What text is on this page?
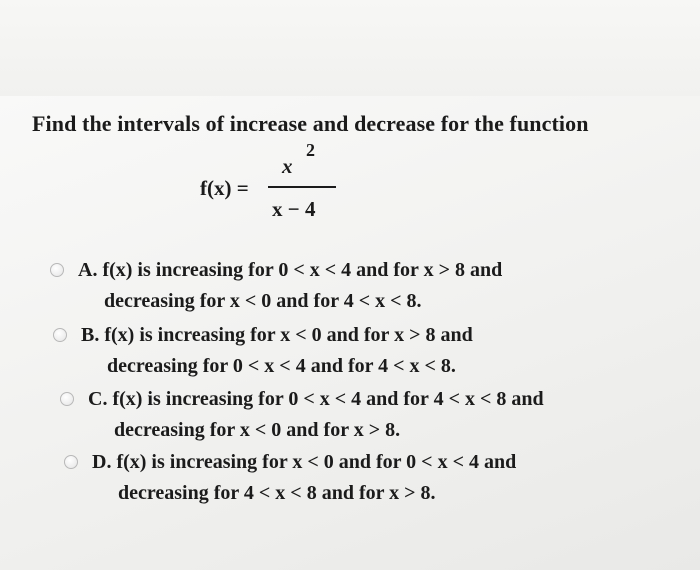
Find the intervals of increase and decrease for the function
f(x) =
x
2
x − 4
A. f(x) is increasing for 0 < x < 4 and for x > 8 and
decreasing for x < 0 and for 4 < x < 8.
B. f(x) is increasing for x < 0 and for x > 8 and
decreasing for 0 < x < 4 and for 4 < x < 8.
C. f(x) is increasing for 0 < x < 4 and for 4 < x < 8 and
decreasing for x < 0 and for x > 8.
D. f(x) is increasing for x < 0 and for 0 < x < 4 and
decreasing for 4 < x < 8 and for x > 8.
